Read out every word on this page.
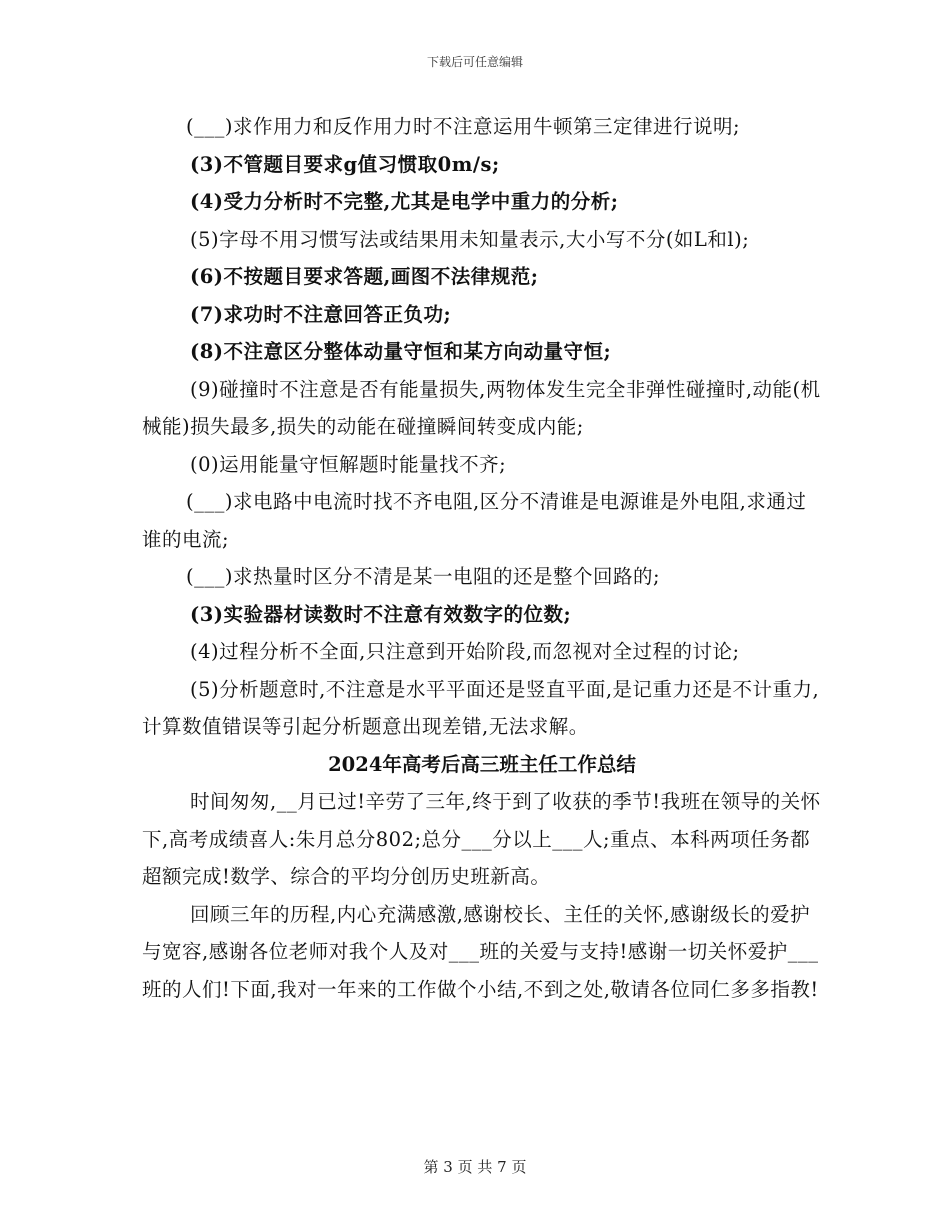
下载后可任意编辑

(___)求作用力和反作用力时不注意运用牛顿第三定律进行说明;

(3)不管题目要求g值习惯取0m/s;

(4)受力分析时不完整,尤其是电学中重力的分析;

(5)字母不用习惯写法或结果用未知量表示,大小写不分(如L和l);

(6)不按题目要求答题,画图不法律规范;

(7)求功时不注意回答正负功;

(8)不注意区分整体动量守恒和某方向动量守恒;

(9)碰撞时不注意是否有能量损失,两物体发生完全非弹性碰撞时,动能(机械能)损失最多,损失的动能在碰撞瞬间转变成内能;

(0)运用能量守恒解题时能量找不齐;

(___)求电路中电流时找不齐电阻,区分不清谁是电源谁是外电阻,求通过谁的电流;

(___)求热量时区分不清是某一电阻的还是整个回路的;

(3)实验器材读数时不注意有效数字的位数;

(4)过程分析不全面,只注意到开始阶段,而忽视对全过程的讨论;

(5)分析题意时,不注意是水平平面还是竖直平面,是记重力还是不计重力,计算数值错误等引起分析题意出现差错,无法求解。

2024年高考后高三班主任工作总结

时间匆匆,__月已过!辛劳了三年,终于到了收获的季节!我班在领导的关怀下,高考成绩喜人:朱月总分802;总分___分以上___人;重点、本科两项任务都超额完成!数学、综合的平均分创历史班新高。

回顾三年的历程,内心充满感激,感谢校长、主任的关怀,感谢级长的爱护与宽容,感谢各位老师对我个人及对___班的关爱与支持!感谢一切关怀爱护___班的人们!下面,我对一年来的工作做个小结,不到之处,敬请各位同仁多多指教!

第 3 页 共 7 页
